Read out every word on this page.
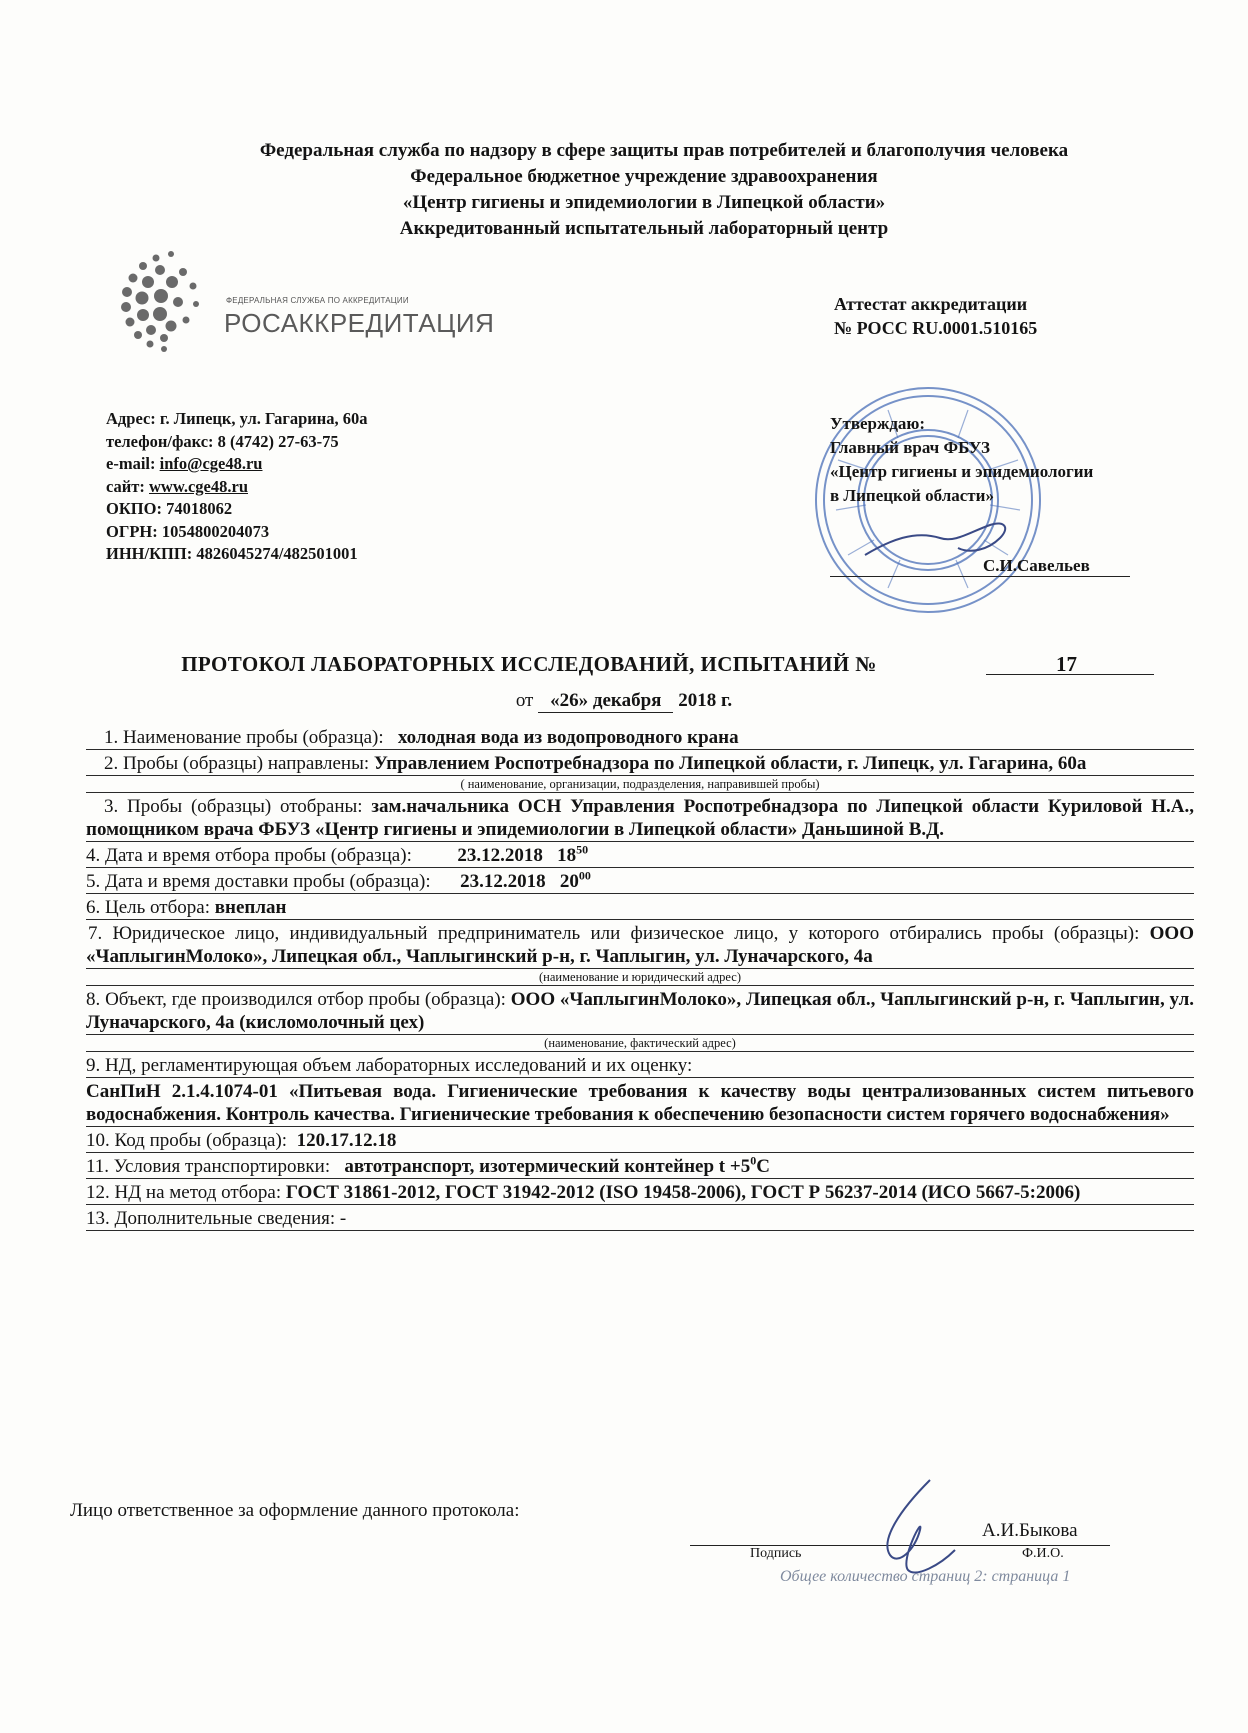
Федеральная служба по надзору в сфере защиты прав потребителей и благополучия человека
Федеральное бюджетное учреждение здравоохранения
«Центр гигиены и эпидемиологии в Липецкой области»
Аккредитованный испытательный лабораторный центр
ФЕДЕРАЛЬНАЯ СЛУЖБА ПО АККРЕДИТАЦИИ
РОСАККРЕДИТАЦИЯ
Аттестат аккредитации
№ РОСС RU.0001.510165
Адрес: г. Липецк, ул. Гагарина, 60а
телефон/факс: 8 (4742) 27-63-75
e-mail: info@cge48.ru
сайт: www.cge48.ru
ОКПО: 74018062
ОГРН: 1054800204073
ИНН/КПП: 4826045274/482501001
Утверждаю:
Главный врач ФБУЗ
«Центр гигиены и эпидемиологии
в Липецкой области»
С.И.Савельев
ПРОТОКОЛ ЛАБОРАТОРНЫХ ИССЛЕДОВАНИЙ, ИСПЫТАНИЙ №	17
от «26» декабря 2018 г.
1. Наименование пробы (образца): холодная вода из водопроводного крана
2. Пробы (образцы) направлены: Управлением Роспотребнадзора по Липецкой области, г. Липецк, ул. Гагарина, 60а
( наименование, организации, подразделения, направившей пробы)
3. Пробы (образцы) отобраны: зам.начальника ОСН Управления Роспотребнадзора по Липецкой области Куриловой Н.А., помощником врача ФБУЗ «Центр гигиены и эпидемиологии в Липецкой области» Даньшиной В.Д.
4. Дата и время отбора пробы (образца): 23.12.2018 $18^{50}$
5. Дата и время доставки пробы (образца): 23.12.2018 $20^{00}$
6. Цель отбора: внеплан
7. Юридическое лицо, индивидуальный предприниматель или физическое лицо, у которого отбирались пробы (образцы): ООО «ЧаплыгинМолоко», Липецкая обл., Чаплыгинский р-н, г. Чаплыгин, ул. Луначарского, 4а
(наименование и юридический адрес)
8. Объект, где производился отбор пробы (образца): ООО «ЧаплыгинМолоко», Липецкая обл., Чаплыгинский р-н, г. Чаплыгин, ул. Луначарского, 4а (кисломолочный цех)
(наименование, фактический адрес)
9. НД, регламентирующая объем лабораторных исследований и их оценку:
СанПиН 2.1.4.1074-01 «Питьевая вода. Гигиенические требования к качеству воды централизованных систем питьевого водоснабжения. Контроль качества. Гигиенические требования к обеспечению безопасности систем горячего водоснабжения»
10. Код пробы (образца): 120.17.12.18
11. Условия транспортировки: автотранспорт, изотермический контейнер $t +5^0С$
12. НД на метод отбора: ГОСТ 31861-2012, ГОСТ 31942-2012 (ISO 19458-2006), ГОСТ Р 56237-2014 (ИСО 5667-5:2006)
13. Дополнительные сведения: -
Лицо ответственное за оформление данного протокола:
А.И.Быкова
Подпись	Ф.И.О.
Общее количество страниц 2: страница 1
